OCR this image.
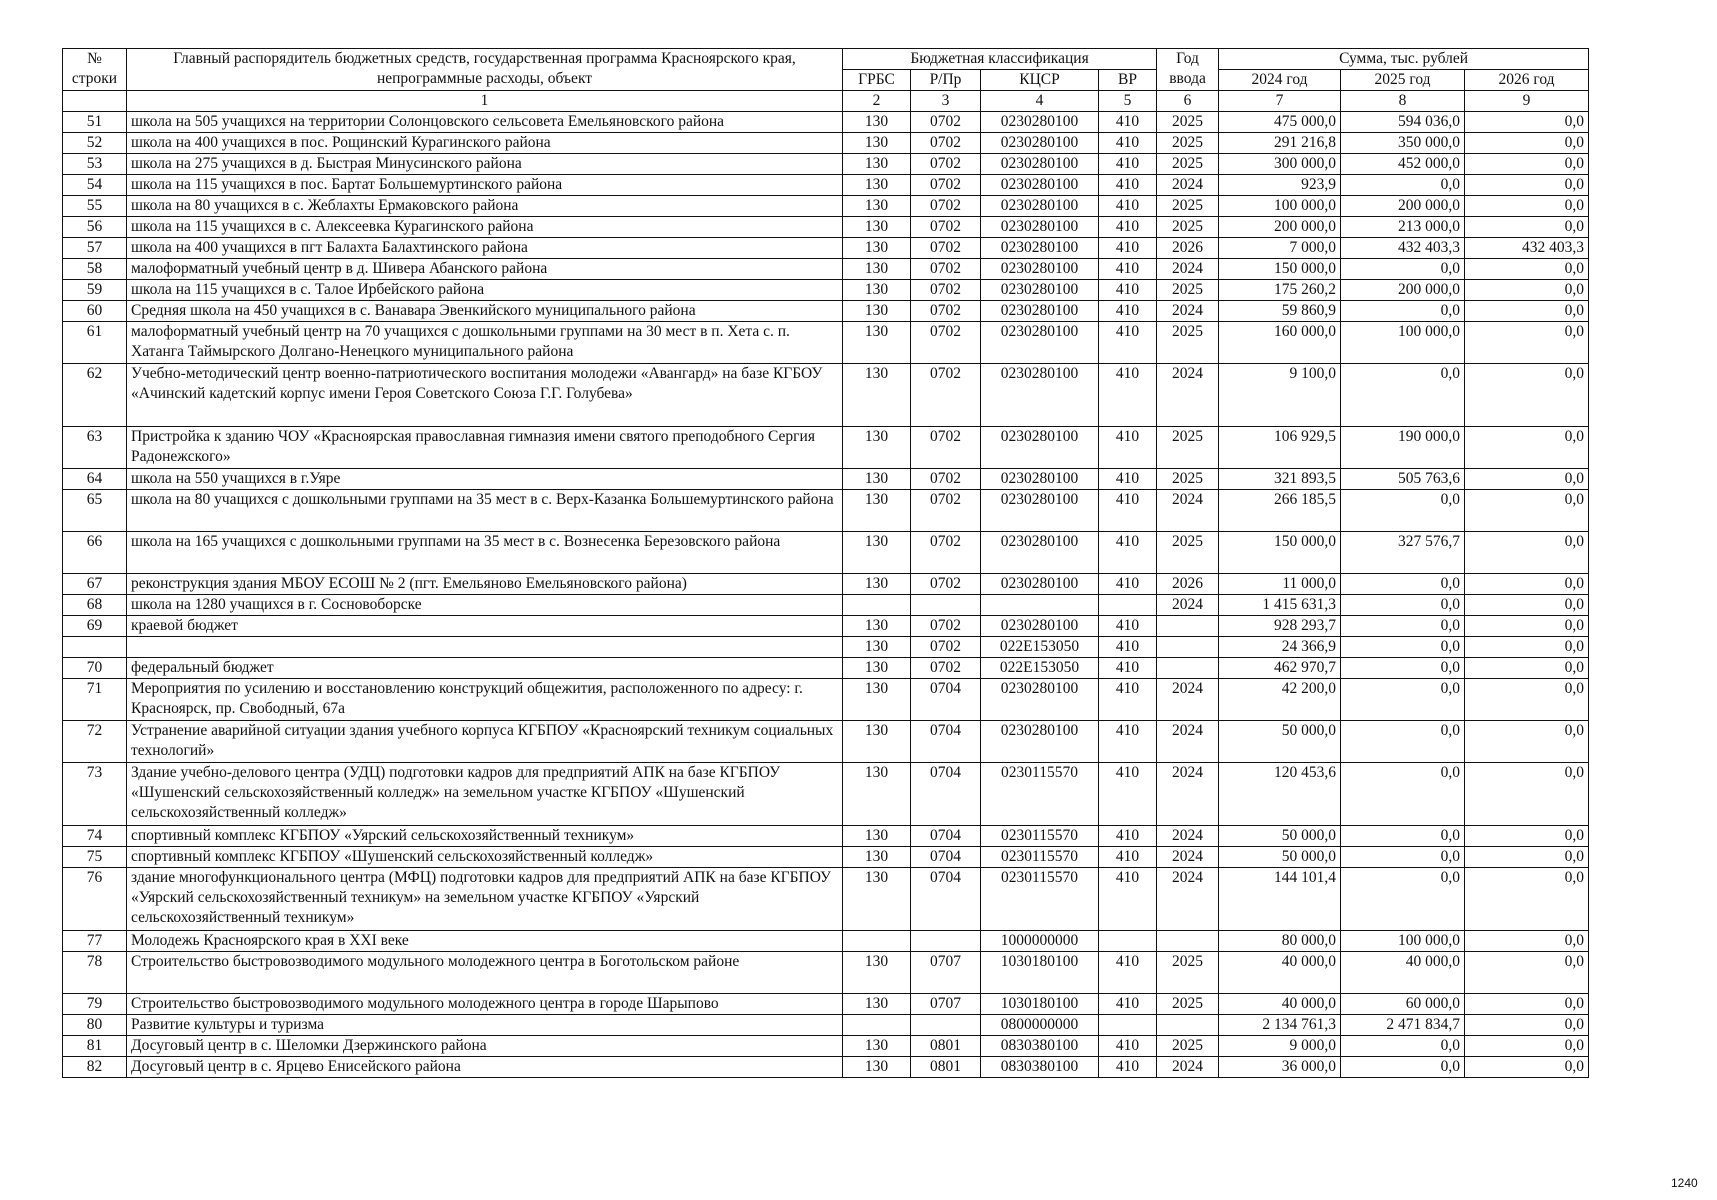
№ строки	Главный распорядитель бюджетных средств, государственная программа Красноярского края, непрограммные расходы, объект	Бюджетная классификация				Год ввода	Сумма, тыс. рублей		
		ГРБС	Р/Пр	КЦСР	ВР		2024 год	2025 год	2026 год
	1	2	3	4	5	6	7	8	9
51	школа на 505 учащихся на территории Солонцовского сельсовета Емельяновского района	130	0702	0230280100	410	2025	475 000,0	594 036,0	0,0
52	школа на 400 учащихся в пос. Рощинский Курагинского района	130	0702	0230280100	410	2025	291 216,8	350 000,0	0,0
53	школа на 275 учащихся в д. Быстрая Минусинского района	130	0702	0230280100	410	2025	300 000,0	452 000,0	0,0
54	школа на 115 учащихся в пос. Бартат Большемуртинского района	130	0702	0230280100	410	2024	923,9	0,0	0,0
55	школа на 80 учащихся в с. Жеблахты Ермаковского района	130	0702	0230280100	410	2025	100 000,0	200 000,0	0,0
56	школа на 115 учащихся в с. Алексеевка Курагинского района	130	0702	0230280100	410	2025	200 000,0	213 000,0	0,0
57	школа на 400 учащихся в пгт Балахта Балахтинского района	130	0702	0230280100	410	2026	7 000,0	432 403,3	432 403,3
58	малоформатный учебный центр в д. Шивера Абанского района	130	0702	0230280100	410	2024	150 000,0	0,0	0,0
59	школа на 115 учащихся в с. Талое Ирбейского района	130	0702	0230280100	410	2025	175 260,2	200 000,0	0,0
60	Средняя школа на 450 учащихся в с. Ванавара Эвенкийского муниципального района	130	0702	0230280100	410	2024	59 860,9	0,0	0,0
61	малоформатный учебный центр на 70 учащихся с дошкольными группами на 30 мест в п. Хета с. п. Хатанга Таймырского Долгано-Ненецкого муниципального района	130	0702	0230280100	410	2025	160 000,0	100 000,0	0,0
62	Учебно-методический центр военно-патриотического воспитания молодежи «Авангард» на базе КГБОУ «Ачинский кадетский корпус имени Героя Советского Союза Г.Г. Голубева»	130	0702	0230280100	410	2024	9 100,0	0,0	0,0
63	Пристройка к зданию ЧОУ «Красноярская православная гимназия имени святого преподобного Сергия Радонежского»	130	0702	0230280100	410	2025	106 929,5	190 000,0	0,0
64	школа на 550 учащихся в г.Уяре	130	0702	0230280100	410	2025	321 893,5	505 763,6	0,0
65	школа на 80 учащихся с дошкольными группами на 35 мест в с. Верх-Казанка Большемуртинского района	130	0702	0230280100	410	2024	266 185,5	0,0	0,0
66	школа на 165 учащихся с дошкольными группами на 35 мест в с. Вознесенка Березовского района	130	0702	0230280100	410	2025	150 000,0	327 576,7	0,0
67	реконструкция здания МБОУ ЕСОШ № 2 (пгт. Емельяново Емельяновского района)	130	0702	0230280100	410	2026	11 000,0	0,0	0,0
68	школа на 1280 учащихся в г. Сосновоборске					2024	1 415 631,3	0,0	0,0
69	краевой бюджет	130	0702	0230280100	410		928 293,7	0,0	0,0
		130	0702	022Е153050	410		24 366,9	0,0	0,0
70	федеральный бюджет	130	0702	022Е153050	410		462 970,7	0,0	0,0
71	Мероприятия по усилению и восстановлению конструкций общежития, расположенного по адресу: г. Красноярск, пр. Свободный, 67а	130	0704	0230280100	410	2024	42 200,0	0,0	0,0
72	Устранение аварийной ситуации здания учебного корпуса КГБПОУ «Красноярский техникум социальных технологий»	130	0704	0230280100	410	2024	50 000,0	0,0	0,0
73	Здание учебно-делового центра (УДЦ) подготовки кадров для предприятий АПК на базе КГБПОУ «Шушенский сельскохозяйственный колледж» на земельном участке КГБПОУ «Шушенский сельскохозяйственный колледж»	130	0704	0230115570	410	2024	120 453,6	0,0	0,0
74	спортивный комплекс КГБПОУ «Уярский сельскохозяйственный техникум»	130	0704	0230115570	410	2024	50 000,0	0,0	0,0
75	спортивный комплекс КГБПОУ «Шушенский сельскохозяйственный колледж»	130	0704	0230115570	410	2024	50 000,0	0,0	0,0
76	здание многофункционального центра (МФЦ) подготовки кадров для предприятий АПК на базе КГБПОУ «Уярский сельскохозяйственный техникум» на земельном участке КГБПОУ «Уярский сельскохозяйственный техникум»	130	0704	0230115570	410	2024	144 101,4	0,0	0,0
77	Молодежь Красноярского края в XXI веке			1000000000			80 000,0	100 000,0	0,0
78	Строительство быстровозводимого модульного молодежного центра в Боготольском районе	130	0707	1030180100	410	2025	40 000,0	40 000,0	0,0
79	Строительство быстровозводимого модульного молодежного центра в городе Шарыпово	130	0707	1030180100	410	2025	40 000,0	60 000,0	0,0
80	Развитие культуры и туризма			0800000000			2 134 761,3	2 471 834,7	0,0
81	Досуговый центр в с. Шеломки Дзержинского района	130	0801	0830380100	410	2025	9 000,0	0,0	0,0
82	Досуговый центр в с. Ярцево Енисейского района	130	0801	0830380100	410	2024	36 000,0	0,0	0,0
1240
